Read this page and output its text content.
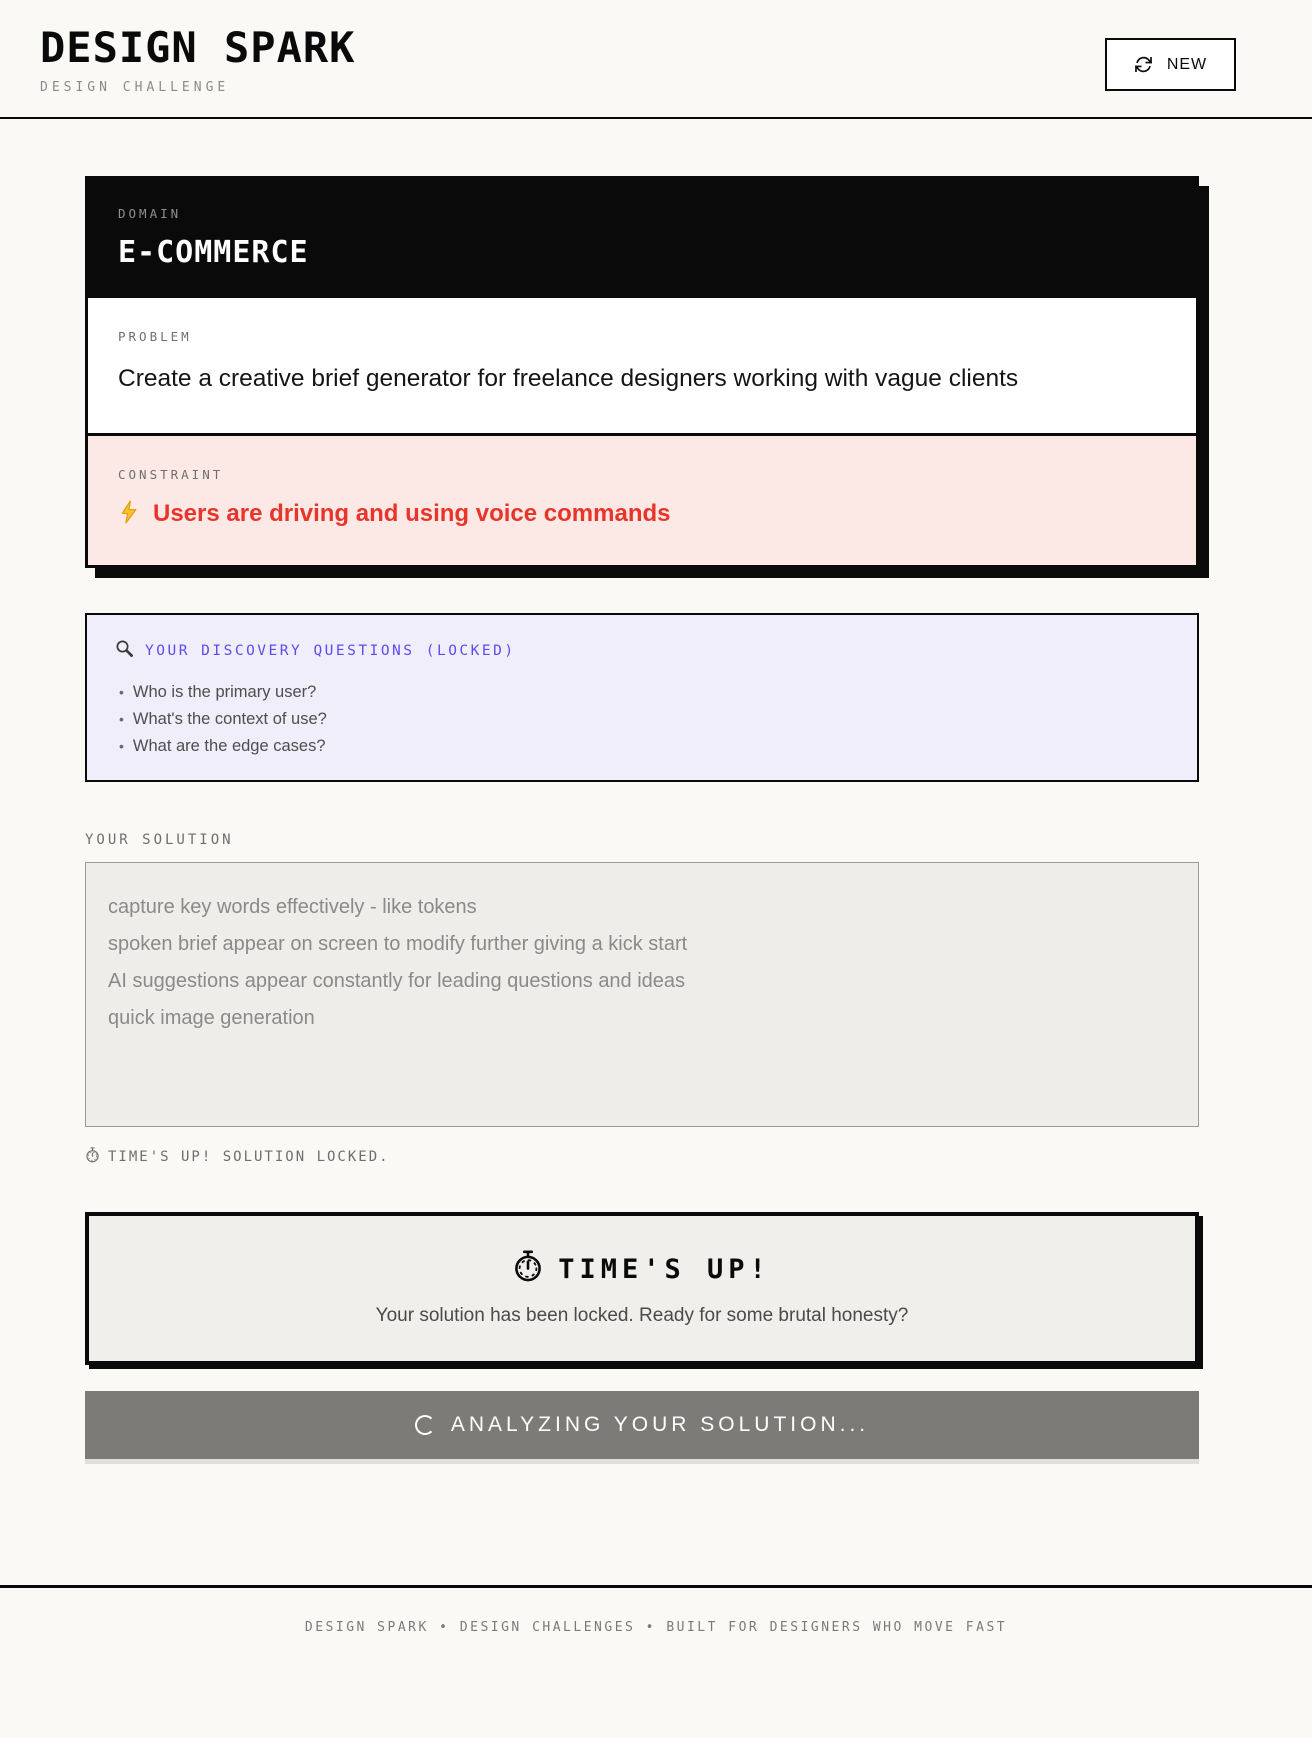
DESIGN SPARK
DESIGN CHALLENGE
NEW
DOMAIN
E-COMMERCE
PROBLEM

Create a creative brief generator for freelance designers working with vague clients

CONSTRAINT
Users are driving and using voice commands
YOUR DISCOVERY QUESTIONS (LOCKED)
• Who is the primary user?
• What's the context of use?
• What are the edge cases?
YOUR SOLUTION
capture key words effectively - like tokens spoken brief appear on screen to modify further giving a kick start AI suggestions appear constantly for leading questions and ideas quick image generation
TIME'S UP! SOLUTION LOCKED.
TIME'S UP!

Your solution has been locked. Ready for some brutal honesty?

ANALYZING YOUR SOLUTION...

DESIGN SPARK • DESIGN CHALLENGES • BUILT FOR DESIGNERS WHO MOVE FAST
